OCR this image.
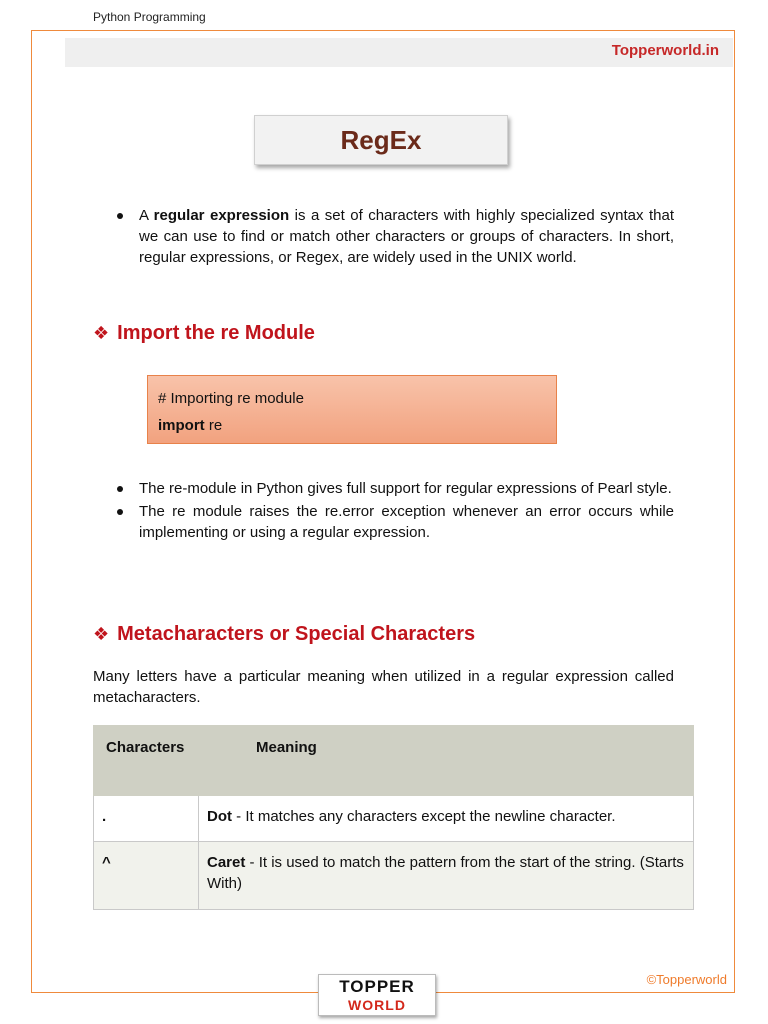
Python Programming
Topperworld.in
RegEx
A regular expression is a set of characters with highly specialized syntax that we can use to find or match other characters or groups of characters. In short, regular expressions, or Regex, are widely used in the UNIX world.
❖ Import the re Module
# Importing re module
import re
The re-module in Python gives full support for regular expressions of Pearl style.
The re module raises the re.error exception whenever an error occurs while implementing or using a regular expression.
❖ Metacharacters or Special Characters

Many letters have a particular meaning when utilized in a regular expression called metacharacters.

Characters	Meaning
.	Dot - It matches any characters except the newline character.
^	Caret - It is used to match the pattern from the start of the string. (Starts With)
©Topperworld
TOPPER
WORLD
